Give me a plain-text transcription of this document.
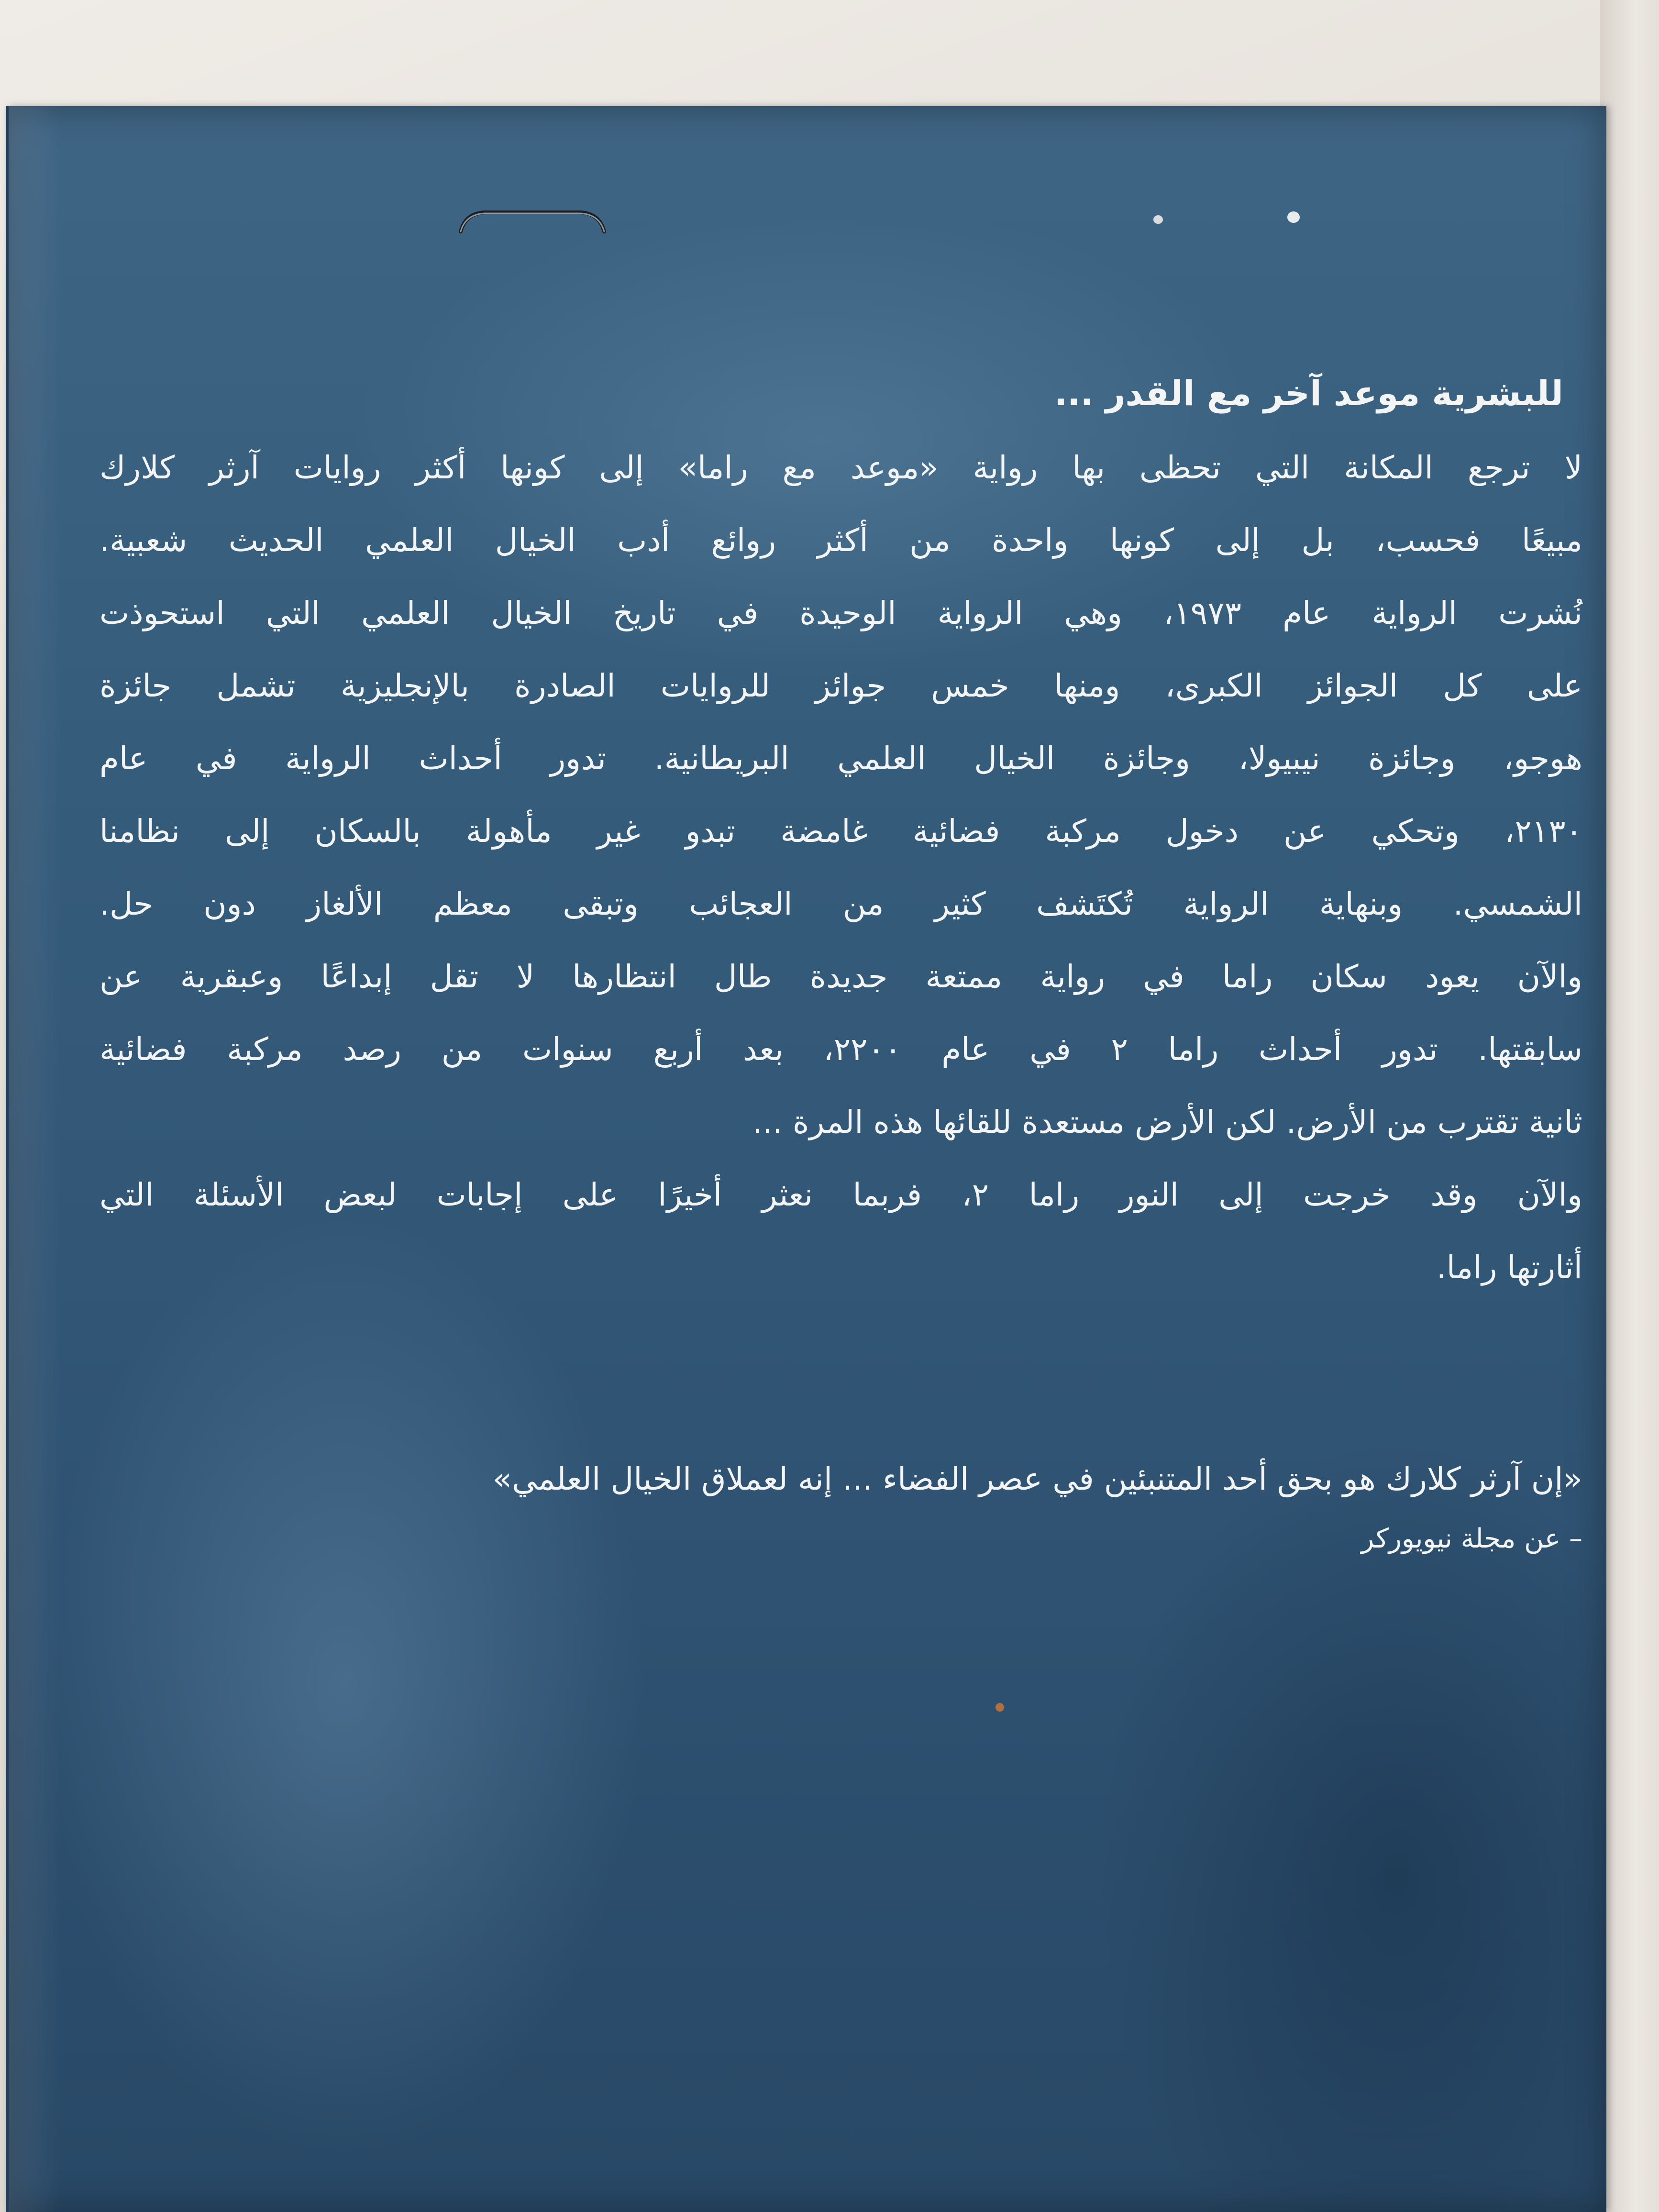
للبشرية موعد آخر مع القدر ...

لا ترجع المكانة التي تحظى بها رواية «موعد مع راما» إلى كونها أكثر روايات آرثر كلارك

مبيعًا فحسب، بل إلى كونها واحدة من أكثر روائع أدب الخيال العلمي الحديث شعبية.

نُشرت الرواية عام ١٩٧٣، وهي الرواية الوحيدة في تاريخ الخيال العلمي التي استحوذت

على كل الجوائز الكبرى، ومنها خمس جوائز للروايات الصادرة بالإنجليزية تشمل جائزة

هوجو، وجائزة نيبيولا، وجائزة الخيال العلمي البريطانية. تدور أحداث الرواية في عام

٢١٣٠، وتحكي عن دخول مركبة فضائية غامضة تبدو غير مأهولة بالسكان إلى نظامنا

الشمسي. وبنهاية الرواية تُكتَشف كثير من العجائب وتبقى معظم الألغاز دون حل.

والآن يعود سكان راما في رواية ممتعة جديدة طال انتظارها لا تقل إبداعًا وعبقرية عن

سابقتها. تدور أحداث راما ٢ في عام ٢٢٠٠، بعد أربع سنوات من رصد مركبة فضائية

ثانية تقترب من الأرض. لكن الأرض مستعدة للقائها هذه المرة ...

والآن وقد خرجت إلى النور راما ٢، فربما نعثر أخيرًا على إجابات لبعض الأسئلة التي

أثارتها راما.

«إن آرثر كلارك هو بحق أحد المتنبئين في عصر الفضاء ... إنه لعملاق الخيال العلمي»

– عن مجلة نيويوركر
